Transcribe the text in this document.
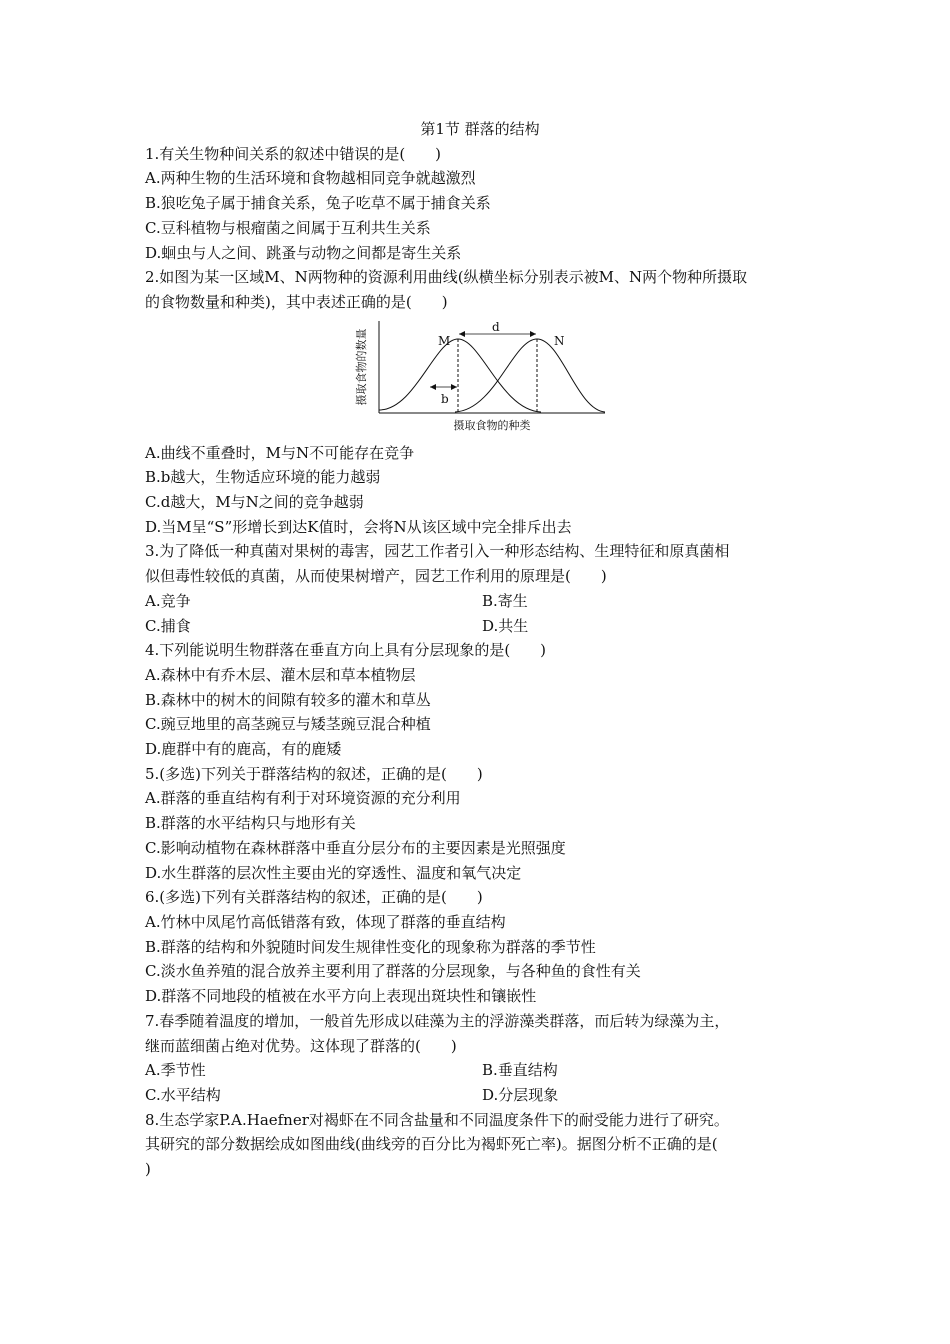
第1节 群落的结构

1.有关生物种间关系的叙述中错误的是(　　)

A.两种生物的生活环境和食物越相同竞争就越激烈

B.狼吃兔子属于捕食关系，兔子吃草不属于捕食关系

C.豆科植物与根瘤菌之间属于互利共生关系

D.蛔虫与人之间、跳蚤与动物之间都是寄生关系

2.如图为某一区域M、N两物种的资源利用曲线(纵横坐标分别表示被M、N两个物种所摄取

的食物数量和种类)，其中表述正确的是(　　)

M	N
d
b
摄取食物的数量
摄取食物的种类

A.曲线不重叠时，M与N不可能存在竞争

B.b越大，生物适应环境的能力越弱

C.d越大，M与N之间的竞争越弱

D.当M呈“S”形增长到达K值时，会将N从该区域中完全排斥出去

3.为了降低一种真菌对果树的毒害，园艺工作者引入一种形态结构、生理特征和原真菌相

似但毒性较低的真菌，从而使果树增产，园艺工作利用的原理是(　　)

A.竞争	B.寄生
C.捕食	D.共生

4.下列能说明生物群落在垂直方向上具有分层现象的是(　　)

A.森林中有乔木层、灌木层和草本植物层

B.森林中的树木的间隙有较多的灌木和草丛

C.豌豆地里的高茎豌豆与矮茎豌豆混合种植

D.鹿群中有的鹿高，有的鹿矮

5.(多选)下列关于群落结构的叙述，正确的是(　　)

A.群落的垂直结构有利于对环境资源的充分利用

B.群落的水平结构只与地形有关

C.影响动植物在森林群落中垂直分层分布的主要因素是光照强度

D.水生群落的层次性主要由光的穿透性、温度和氧气决定

6.(多选)下列有关群落结构的叙述，正确的是(　　)

A.竹林中凤尾竹高低错落有致，体现了群落的垂直结构

B.群落的结构和外貌随时间发生规律性变化的现象称为群落的季节性

C.淡水鱼养殖的混合放养主要利用了群落的分层现象，与各种鱼的食性有关

D.群落不同地段的植被在水平方向上表现出斑块性和镶嵌性

7.春季随着温度的增加，一般首先形成以硅藻为主的浮游藻类群落，而后转为绿藻为主，

继而蓝细菌占绝对优势。这体现了群落的(　　)

A.季节性	B.垂直结构
C.水平结构	D.分层现象

8.生态学家P.A.Haefner对褐虾在不同含盐量和不同温度条件下的耐受能力进行了研究。

其研究的部分数据绘成如图曲线(曲线旁的百分比为褐虾死亡率)。据图分析不正确的是(

)
